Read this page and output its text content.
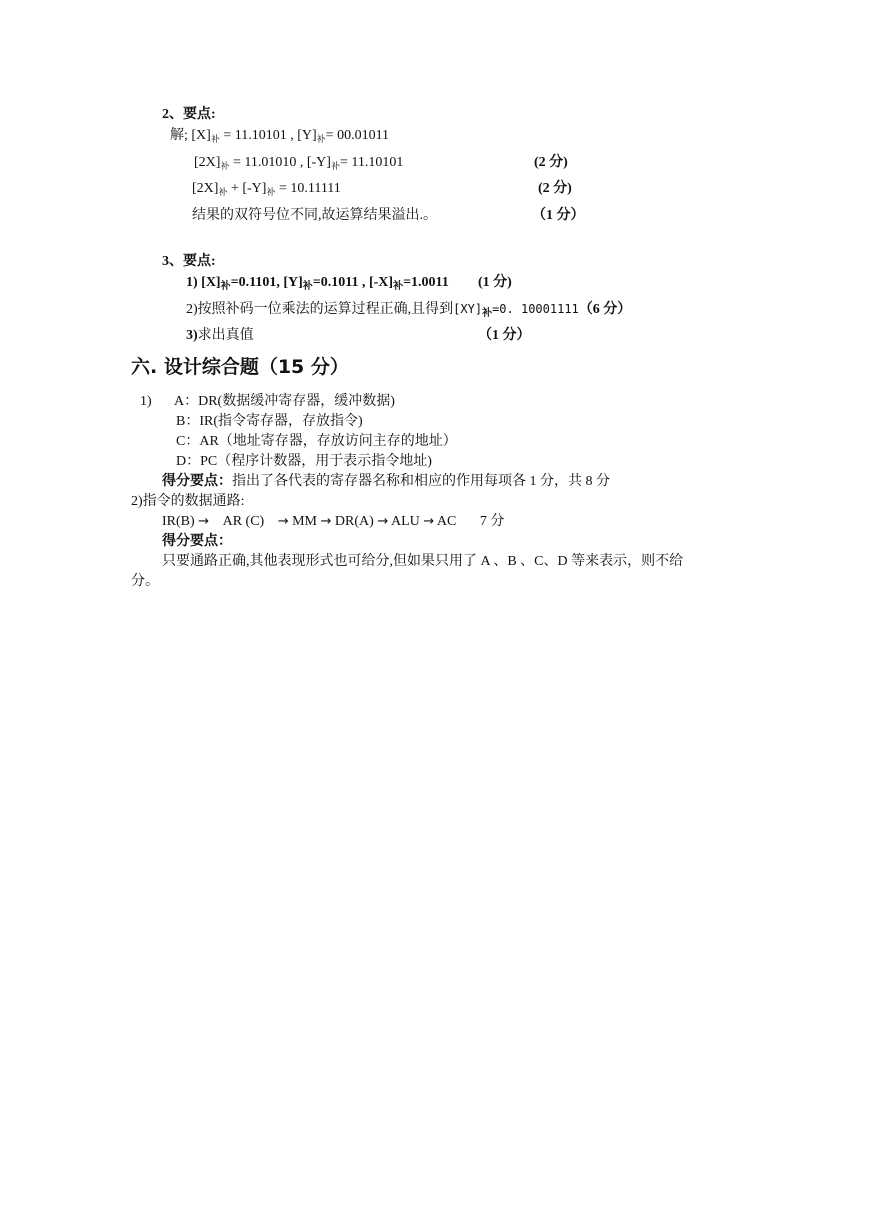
2、要点:
解; $[X]_补 = 11.10101$ , $[Y]_补= 00.01011$
$[2X]_补 = 11.01010$ , $[-Y]_补= 11.10101$	(2 分)
$[2X]_补 + [-Y]_补 = 10.11111$	(2 分)
结果的双符号位不同,故运算结果溢出.。	（1 分）
3、要点:
1) $[X]_补=0.1101$, $[Y]_补=0.1011$ , $[-X]_补=1.0011$ (1 分)
2)按照补码一位乘法的运算过程正确,且得到$[XY]_补=0$. 10001111（6 分）
3)求出真值	（1 分）
六. 设计综合题（15 分）
1) A：DR(数据缓冲寄存器，缓冲数据)
B：IR(指令寄存器，存放指令)
C：AR（地址寄存器，存放访问主存的地址）
D：PC（程序计数器，用于表示指令地址)
得分要点：指出了各代表的寄存器名称和相应的作用每项各 1 分，共 8 分
2)指令的数据通路:
IR(B) → AR (C) → MM → DR(A) → ALU → AC 7 分
得分要点：
只要通路正确,其他表现形式也可给分,但如果只用了 A 、B 、C、D 等来表示，则不给
分。
